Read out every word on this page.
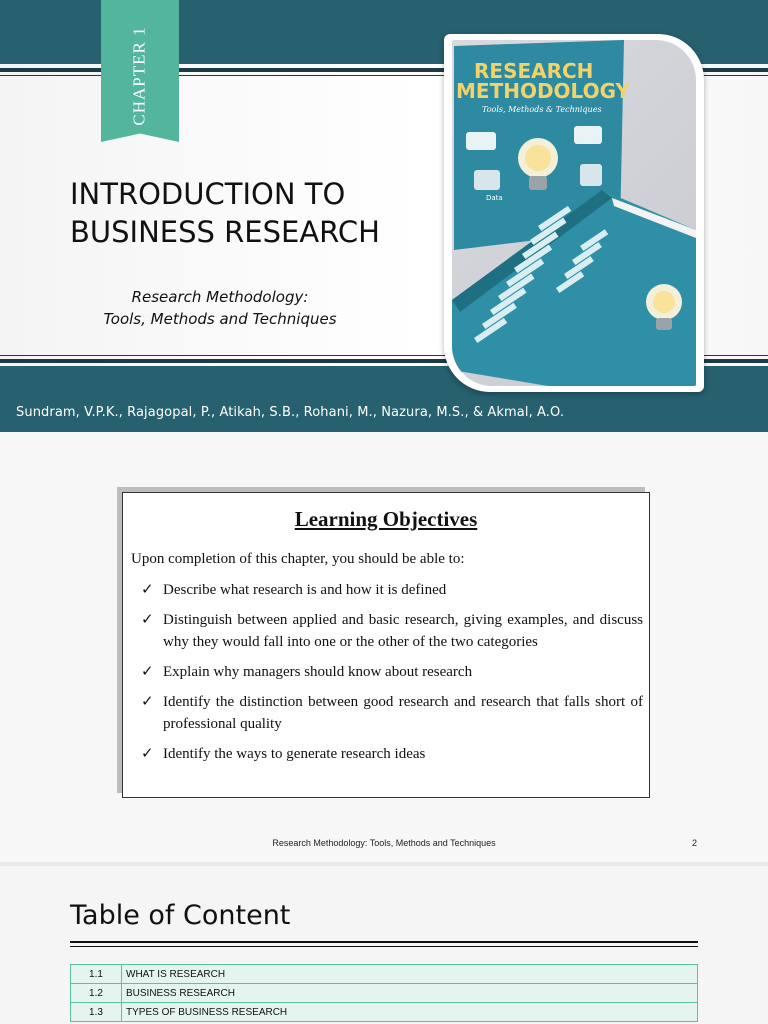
CHAPTER 1
INTRODUCTION TO
BUSINESS RESEARCH
Research Methodology:
Tools, Methods and Techniques
RESEARCH
METHODOLOGY
Tools, Methods & Techniques
Data
Sundram, V.P.K., Rajagopal, P., Atikah, S.B., Rohani, M., Nazura, M.S., & Akmal, A.O.
Learning Objectives
Upon completion of this chapter, you should be able to:
✓ Describe what research is and how it is defined
✓ Distinguish between applied and basic research, giving examples, and discuss why they would fall into one or the other of the two categories
✓ Explain why managers should know about research
✓ Identify the distinction between good research and research that falls short of professional quality
✓ Identify the ways to generate research ideas
Research Methodology: Tools, Methods and Techniques	2
Table of Content
1.1	WHAT IS RESEARCH
1.2	BUSINESS RESEARCH
1.3	TYPES OF BUSINESS RESEARCH
